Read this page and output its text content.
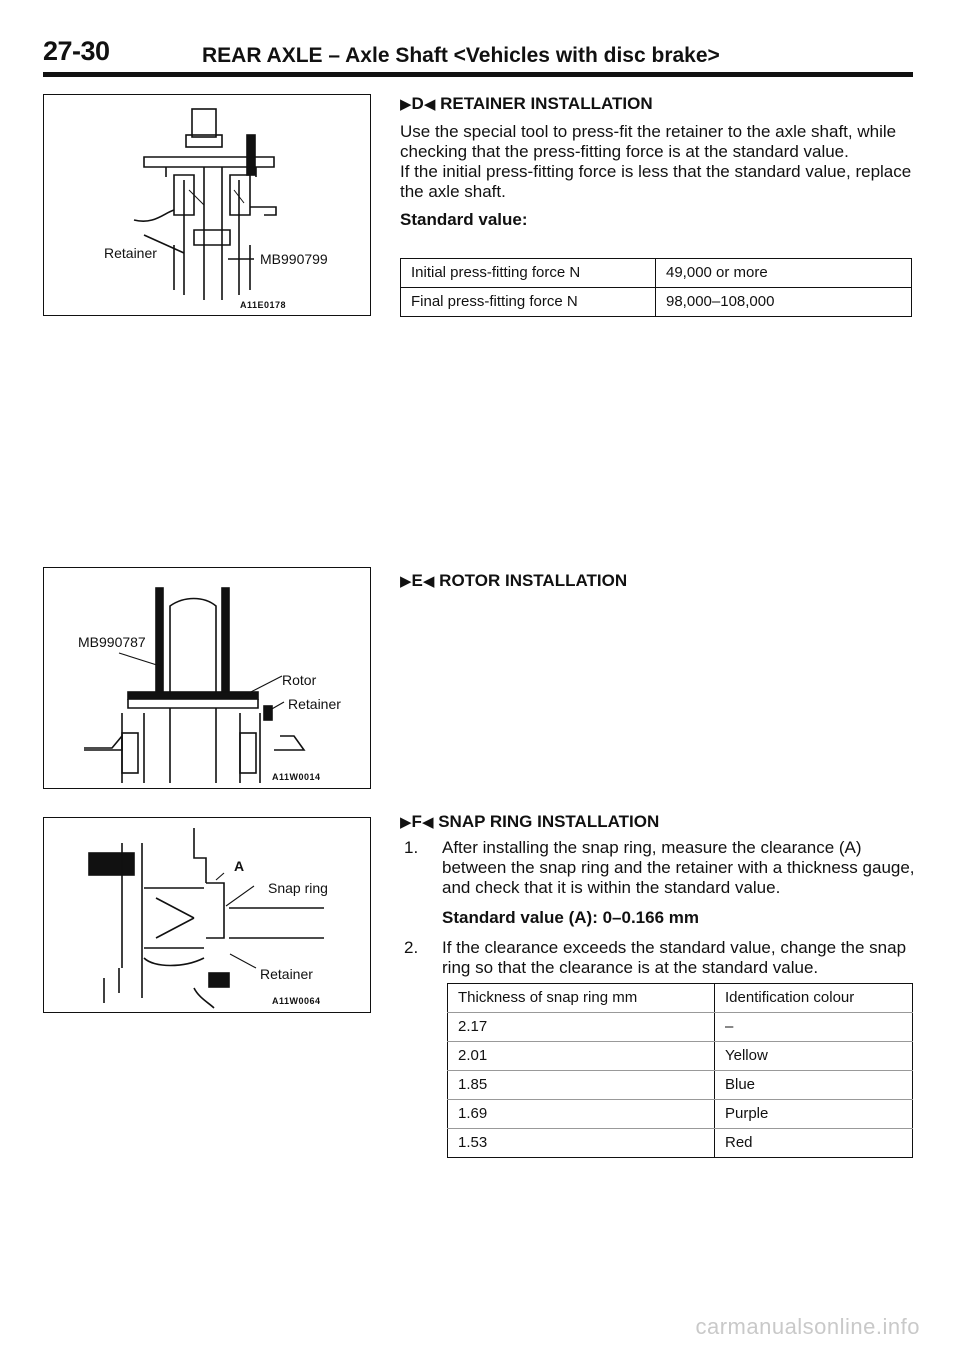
27-30	REAR AXLE – Axle Shaft <Vehicles with disc brake>
Retainer	MB990799
A11E0178
MB990787
Rotor
Retainer
A11W0014
A
Snap ring
Retainer
A11W0064
▶D◀ RETAINER INSTALLATION

Use the special tool to press-fit the retainer to the axle shaft, while checking that the press-fitting force is at the standard value.

If the initial press-fitting force is less that the standard value, replace the axle shaft.

Standard value:

Initial press-fitting force N	49,000 or more
Final press-fitting force N	98,000–108,000
▶E◀ ROTOR INSTALLATION
▶F◀ SNAP RING INSTALLATION
1. After installing the snap ring, measure the clearance (A) between the snap ring and the retainer with a thickness gauge, and check that it is within the standard value.
Standard value (A): 0–0.166 mm
2. If the clearance exceeds the standard value, change the snap ring so that the clearance is at the standard value.
Thickness of snap ring mm	Identification colour
2.17	–
2.01	Yellow
1.85	Blue
1.69	Purple
1.53	Red
carmanualsonline.info
